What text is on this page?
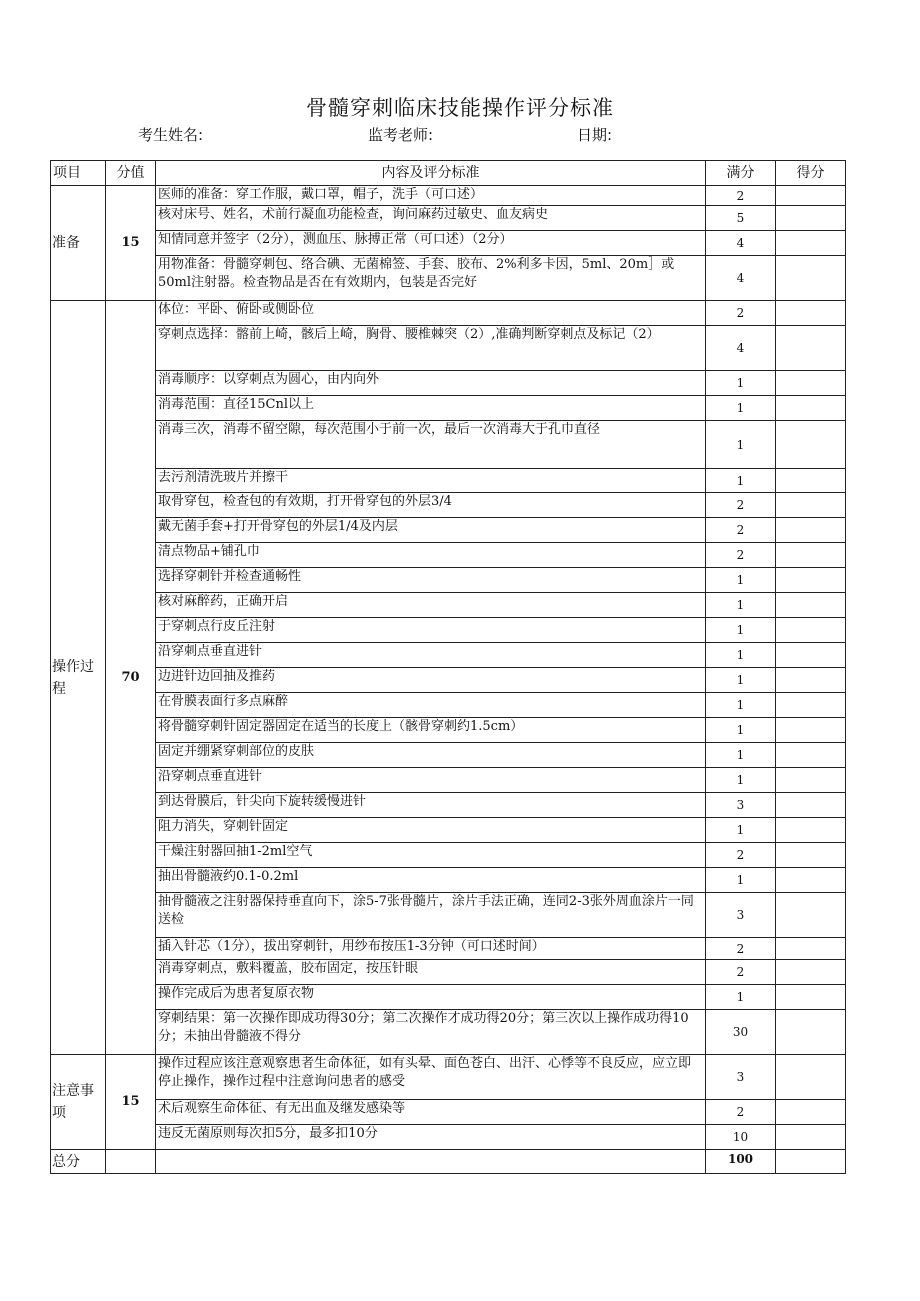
骨髓穿刺临床技能操作评分标准
考生姓名:	监考老师:	日期:
项目	分值	内容及评分标准	满分	得分
准备	15	医师的准备：穿工作服，戴口罩，帽子，洗手（可口述）	2	
		核对床号、姓名，术前行凝血功能检查，询问麻药过敏史、血友病史	5	
		知情同意并签字（2分），测血压、脉搏正常（可口述）（2分）	4	
		用物准备：骨髓穿刺包、络合碘、无菌棉签、手套、胶布、2%利多卡因，5ml、20m］或50ml注射器。检查物品是否在有效期内，包装是否完好	4	
操作过程	70	体位：平卧、俯卧或侧卧位	2	
		穿刺点选择：髂前上崎，骸后上崎，胸骨、腰椎棘突（2）,准确判断穿刺点及标记（2）	4	
		消毒顺序：以穿刺点为圆心，由内向外	1	
		消毒范围：直径15Cnl以上	1	
		消毒三次，消毒不留空隙，每次范围小于前一次，最后一次消毒大于孔巾直径	1	
		去污剂清洗玻片并擦干	1	
		取骨穿包，检查包的有效期，打开骨穿包的外层3/4	2	
		戴无菌手套+打开骨穿包的外层1/4及内层	2	
		清点物品+铺孔巾	2	
		选择穿刺针并检查通畅性	1	
		核对麻醉药，正确开启	1	
		于穿刺点行皮丘注射	1	
		沿穿刺点垂直进针	1	
		边进针边回抽及推药	1	
		在骨膜表面行多点麻醉	1	
		将骨髓穿刺针固定器固定在适当的长度上（骸骨穿刺约1.5cm）	1	
		固定并绷紧穿刺部位的皮肤	1	
		沿穿刺点垂直进针	1	
		到达骨膜后，针尖向下旋转缓慢进针	3	
		阻力消失，穿刺针固定	1	
		干燥注射器回抽1-2ml空气	2	
		抽出骨髓液约0.1-0.2ml	1	
		抽骨髓液之注射器保持垂直向下，涂5-7张骨髓片，涂片手法正确，连同2-3张外周血涂片一同送检	3	
		插入针芯（1分），拔出穿刺针，用纱布按压1-3分钟（可口述时间）	2	
		消毒穿刺点，敷料覆盖，胶布固定，按压针眼	2	
		操作完成后为患者复原衣物	1	
		穿刺结果：第一次操作即成功得30分；第二次操作才成功得20分；第三次以上操作成功得10分；未抽出骨髓液不得分	30	
注意事项	15	操作过程应该注意观察患者生命体征，如有头晕、面色苍白、出汗、心悸等不良反应，应立即停止操作，操作过程中注意询问患者的感受	3	
		术后观察生命体征、有无出血及继发感染等	2	
		违反无菌原则每次扣5分，最多扣10分	10	
总分			100	
